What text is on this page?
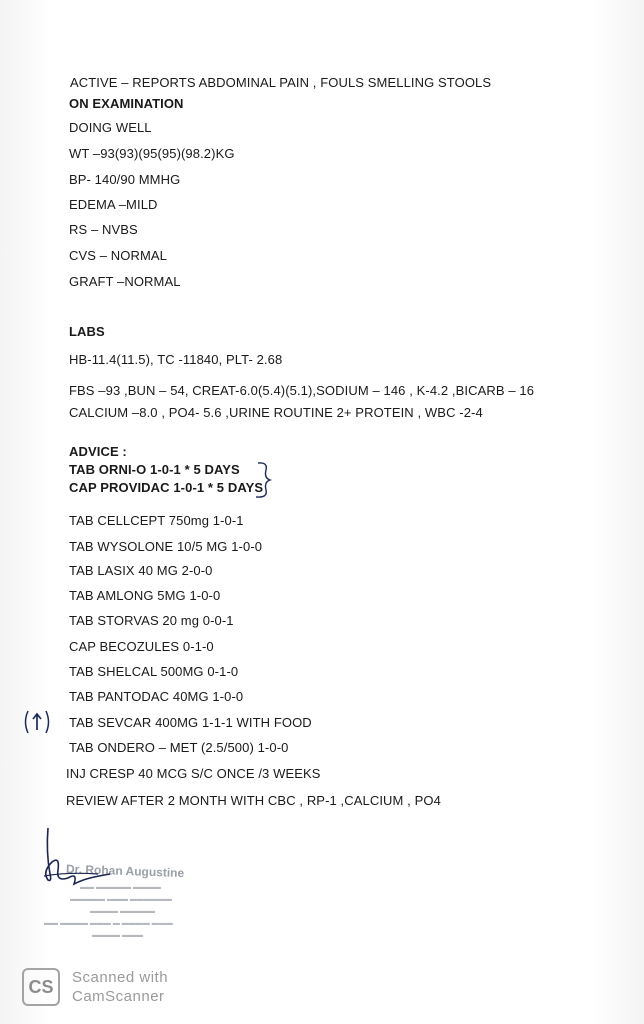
ACTIVE – REPORTS ABDOMINAL PAIN , FOULS SMELLING STOOLS
ON EXAMINATION
DOING WELL
WT –93(93)(95(95)(98.2)KG
BP- 140/90 MMHG
EDEMA –MILD
RS – NVBS
CVS – NORMAL
GRAFT –NORMAL
LABS
HB-11.4(11.5), TC -11840, PLT- 2.68
FBS –93 ,BUN – 54, CREAT-6.0(5.4)(5.1),SODIUM – 146 , K-4.2 ,BICARB – 16
CALCIUM –8.0 , PO4- 5.6 ,URINE ROUTINE 2+ PROTEIN , WBC -2-4
ADVICE :
TAB ORNI-O 1-0-1 * 5 DAYS
CAP PROVIDAC 1-0-1 * 5 DAYS
TAB CELLCEPT 750mg 1-0-1
TAB WYSOLONE 10/5 MG 1-0-0
TAB LASIX 40 MG 2-0-0
TAB AMLONG 5MG 1-0-0
TAB STORVAS 20 mg 0-0-1
CAP BECOZULES 0-1-0
TAB SHELCAL 500MG 0-1-0
TAB PANTODAC 40MG 1-0-0
TAB SEVCAR 400MG 1-1-1 WITH FOOD
TAB ONDERO – MET (2.5/500) 1-0-0
INJ CRESP 40 MCG S/C ONCE /3 WEEKS
REVIEW AFTER 2 MONTH WITH CBC , RP-1 ,CALCIUM , PO4
Dr. Rohan Augustine
▬▬ ▬▬▬▬▬ ▬▬▬▬
▬▬▬▬▬ ▬▬▬ ▬▬▬▬▬▬
▬▬▬▬ ▬▬▬▬▬
▬▬ ▬▬▬▬ ▬▬▬ ▬ ▬▬▬▬ ▬▬▬
▬▬▬▬ ▬▬▬
CS	Scanned with
CamScanner
